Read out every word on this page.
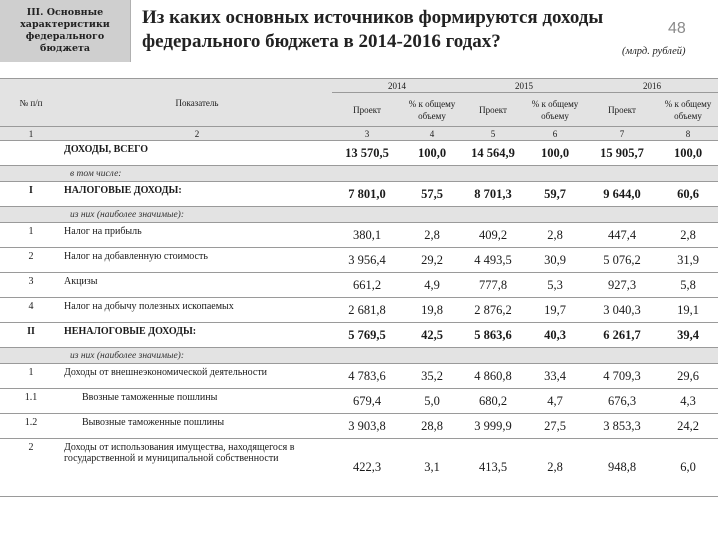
III. Основные
характеристики
федерального бюджета
Из каких основных источников формируются доходы
федерального бюджета в 2014-2016 годах?
48
(млрд. рублей)
№ п/п	Показатель	2014		2015		2016	
		Проект	% к общему объему	Проект	% к общему объему	Проект	% к общему объему
1	2	3	4	5	6	7	8
	ДОХОДЫ, ВСЕГО	13 570,5	100,0	14 564,9	100,0	15 905,7	100,0
в том числе:							
I	НАЛОГОВЫЕ ДОХОДЫ:	7 801,0	57,5	8 701,3	59,7	9 644,0	60,6
из них (наиболее значимые):							
1	Налог на прибыль	380,1	2,8	409,2	2,8	447,4	2,8
2	Налог на добавленную стоимость	3 956,4	29,2	4 493,5	30,9	5 076,2	31,9
3	Акцизы	661,2	4,9	777,8	5,3	927,3	5,8
4	Налог на добычу полезных ископаемых	2 681,8	19,8	2 876,2	19,7	3 040,3	19,1
II	НЕНАЛОГОВЫЕ ДОХОДЫ:	5 769,5	42,5	5 863,6	40,3	6 261,7	39,4
из них (наиболее значимые):							
1	Доходы от внешнеэкономической деятельности	4 783,6	35,2	4 860,8	33,4	4 709,3	29,6
1.1	Ввозные таможенные пошлины	679,4	5,0	680,2	4,7	676,3	4,3
1.2	Вывозные таможенные пошлины	3 903,8	28,8	3 999,9	27,5	3 853,3	24,2
2	Доходы от использования имущества, находящегося в государственной и муниципальной собственности	422,3	3,1	413,5	2,8	948,8	6,0
